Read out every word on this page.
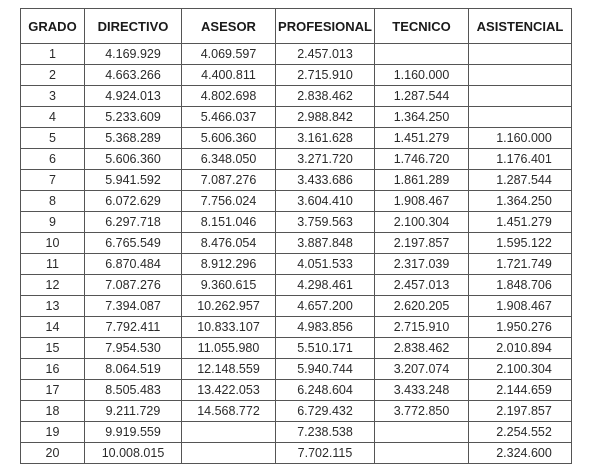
GRADO	DIRECTIVO	ASESOR	PROFESIONAL	TECNICO	ASISTENCIAL
1	4.169.929	4.069.597	2.457.013		
2	4.663.266	4.400.811	2.715.910	1.160.000	
3	4.924.013	4.802.698	2.838.462	1.287.544	
4	5.233.609	5.466.037	2.988.842	1.364.250	
5	5.368.289	5.606.360	3.161.628	1.451.279	1.160.000
6	5.606.360	6.348.050	3.271.720	1.746.720	1.176.401
7	5.941.592	7.087.276	3.433.686	1.861.289	1.287.544
8	6.072.629	7.756.024	3.604.410	1.908.467	1.364.250
9	6.297.718	8.151.046	3.759.563	2.100.304	1.451.279
10	6.765.549	8.476.054	3.887.848	2.197.857	1.595.122
11	6.870.484	8.912.296	4.051.533	2.317.039	1.721.749
12	7.087.276	9.360.615	4.298.461	2.457.013	1.848.706
13	7.394.087	10.262.957	4.657.200	2.620.205	1.908.467
14	7.792.411	10.833.107	4.983.856	2.715.910	1.950.276
15	7.954.530	11.055.980	5.510.171	2.838.462	2.010.894
16	8.064.519	12.148.559	5.940.744	3.207.074	2.100.304
17	8.505.483	13.422.053	6.248.604	3.433.248	2.144.659
18	9.211.729	14.568.772	6.729.432	3.772.850	2.197.857
19	9.919.559		7.238.538		2.254.552
20	10.008.015		7.702.115		2.324.600
